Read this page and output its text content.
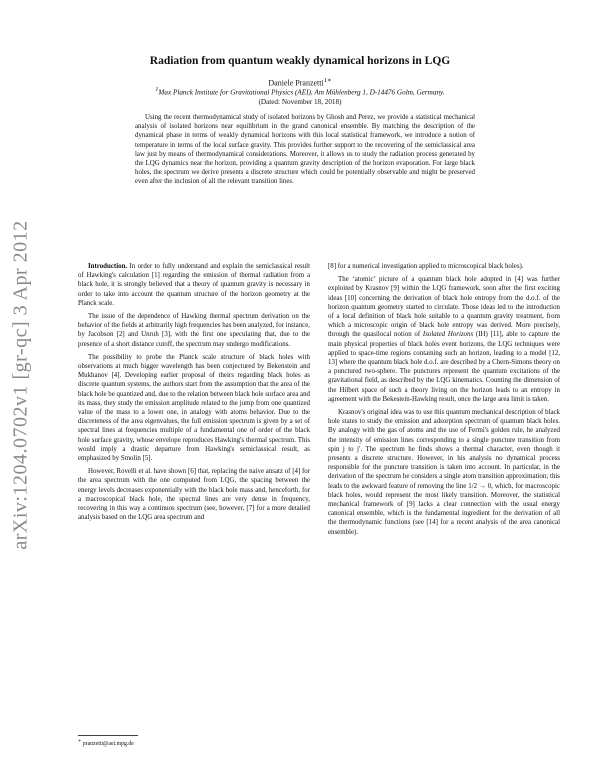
arXiv:1204.0702v1 [gr-qc] 3 Apr 2012
Radiation from quantum weakly dynamical horizons in LQG
Daniele Pranzetti$^{1∗}$
$^1$Max Planck Institute for Gravitational Physics (AEI), Am Mühlenberg 1, D-14476 Golm, Germany.
(Dated: November 18, 2018)

Using the recent thermodynamical study of isolated horizons by Ghosh and Perez, we provide a statistical mechanical analysis of isolated horizons near equilibrium in the grand canonical ensemble. By matching the description of the dynamical phase in terms of weakly dynamical horizons with this local statistical framework, we introduce a notion of temperature in terms of the local surface gravity. This provides further support to the recovering of the semiclassical area law just by means of thermodynamical considerations. Moreover, it allows us to study the radiation process generated by the LQG dynamics near the horizon, providing a quantum gravity description of the horizon evaporation. For large black holes, the spectrum we derive presents a discrete structure which could be potentially observable and might be preserved even after the inclusion of all the relevant transition lines.

Introduction. In order to fully understand and explain the semiclassical result of Hawking's calculation [1] regarding the emission of thermal radiation from a black hole, it is strongly believed that a theory of quantum gravity is necessary in order to take into account the quantum structure of the horizon geometry at the Planck scale.

The issue of the dependence of Hawking thermal spectrum derivation on the behavior of the fields at arbitrarily high frequencies has been analyzed, for instance, by Jacobson [2] and Unruh [3], with the first one speculating that, due to the presence of a short distance cutoff, the spectrum may undergo modifications.

The possibility to probe the Planck scale structure of black holes with observations at much bigger wavelength has been conjectured by Bekenstein and Mukhanov [4]. Developing earlier proposal of theirs regarding black holes as discrete quantum systems, the authors start from the assumption that the area of the black hole be quantized and, due to the relation between black hole surface area and its mass, they study the emission amplitude related to the jump from one quantized value of the mass to a lower one, in analogy with atoms behavior. Due to the discreteness of the area eigenvalues, the full emission spectrum is given by a set of spectral lines at frequencies multiple of a fundamental one of order of the black hole surface gravity, whose envelope reproduces Hawking's thermal spectrum. This would imply a drastic departure from Hawking's semiclassical result, as emphasized by Smolin [5].

However, Rovelli et al. have shown [6] that, replacing the naive ansatz of [4] for the area spectrum with the one computed from LQG, the spacing between the energy levels decreases exponentially with the black hole mass and, henceforth, for a macroscopical black hole, the spectral lines are very dense in frequency, recovering in this way a continuos spectrum (see, however, [7] for a more detailed analysis based on the LQG area spectrum and

[8] for a numerical investigation applied to microscopical black holes).

The ‘atomic’ picture of a quantum black hole adopted in [4] was further exploited by Krasnov [9] within the LQG framework, soon after the first exciting ideas [10] concerning the derivation of black hole entropy from the d.o.f. of the horizon quantum geometry started to circulate. Those ideas led to the introduction of a local definition of black hole suitable to a quantum gravity treatment, from which a microscopic origin of black hole entropy was derived. More precisely, through the quasilocal notion of Isolated Horizons (IH) [11], able to capture the main physical properties of black holes event horizons, the LQG techniques were applied to space-time regions containing such an horizon, leading to a model [12, 13] where the quantum black hole d.o.f. are described by a Chern-Simons theory on a punctured two-sphere. The punctures represent the quantum excitations of the gravitational field, as described by the LQG kinematics. Counting the dimension of the Hilbert space of such a theory living on the horizon leads to an entropy in agreement with the Bekestein-Hawking result, once the large area limit is taken.

Krasnov's original idea was to use this quantum mechanical description of black hole states to study the emission and adsorption spectrum of quantum black holes. By analogy with the gas of atoms and the use of Fermi's golden rule, he analyzed the intensity of emission lines corresponding to a single puncture transition from spin j to j′. The spectrum he finds shows a thermal character, even though it presents a discrete structure. However, in his analysis no dynamical process responsible for the puncture transition is taken into account. In particular, in the derivation of the spectrum he considers a single atom transition approximation; this leads to the awkward feature of removing the line 1/2 → 0, which, for macroscopic black holes, would represent the most likely transition. Moreover, the statistical mechanical framework of [9] lacks a clear connection with the usual energy canonical ensemble, which is the fundamental ingredient for the derivation of all the thermodynamic functions (see [14] for a recent analysis of the area canonical ensemble).

∗ pranzetti@aei.mpg.de
